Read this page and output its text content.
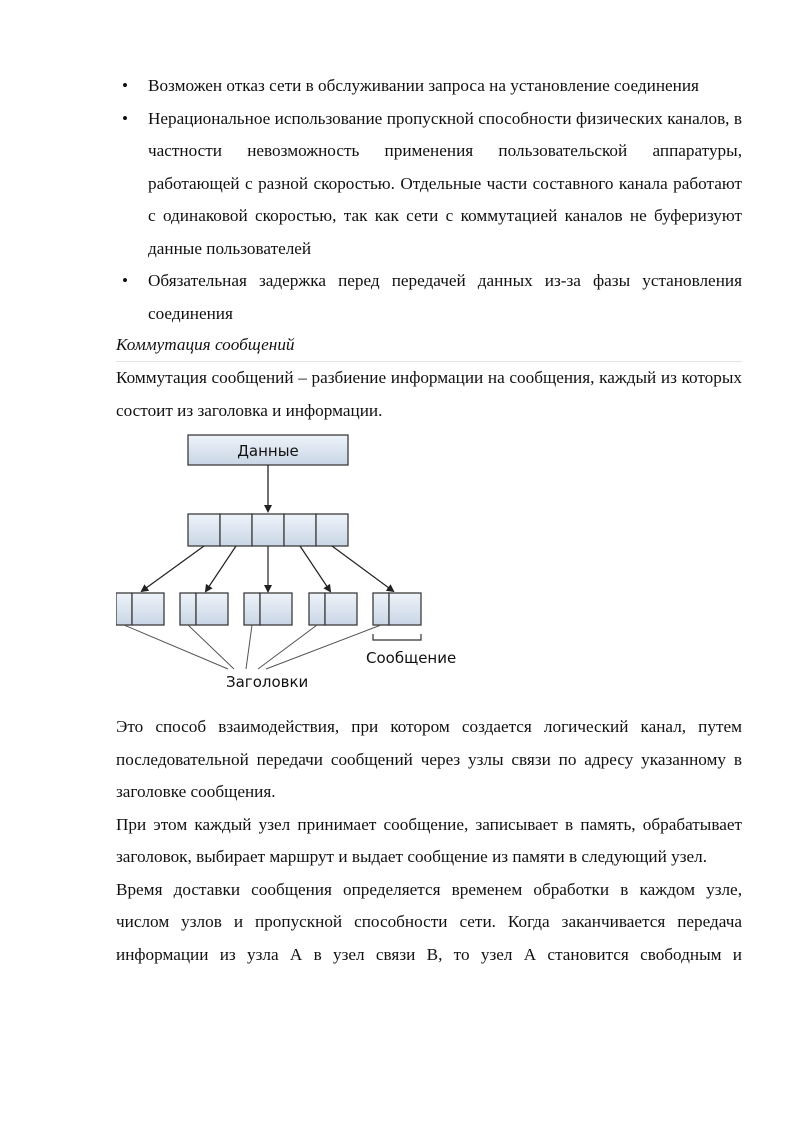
• Возможен отказ сети в обслуживании запроса на установление соединения
• Нерациональное использование пропускной способности физических каналов, в частности невозможность применения пользовательской аппаратуры, работающей с разной скоростью. Отдельные части составного канала работают с одинаковой скоростью, так как сети с коммутацией каналов не буферизуют данные пользователей
• Обязательная задержка перед передачей данных из-за фазы установления соединения

Коммутация сообщений

Коммутация сообщений – разбиение информации на сообщения, каждый из которых состоит из заголовка и информации.

Данные
Сообщение
Заголовки

Это способ взаимодействия, при котором создается логический канал, путем последовательной передачи сообщений через узлы связи по адресу указанному в заголовке сообщения.

При этом каждый узел принимает сообщение, записывает в память, обрабатывает заголовок, выбирает маршрут и выдает сообщение из памяти в следующий узел.

Время доставки сообщения определяется временем обработки в каждом узле, числом узлов и пропускной способности сети. Когда заканчивается передача информации из узла А в узел связи В, то узел А становится свободным и
